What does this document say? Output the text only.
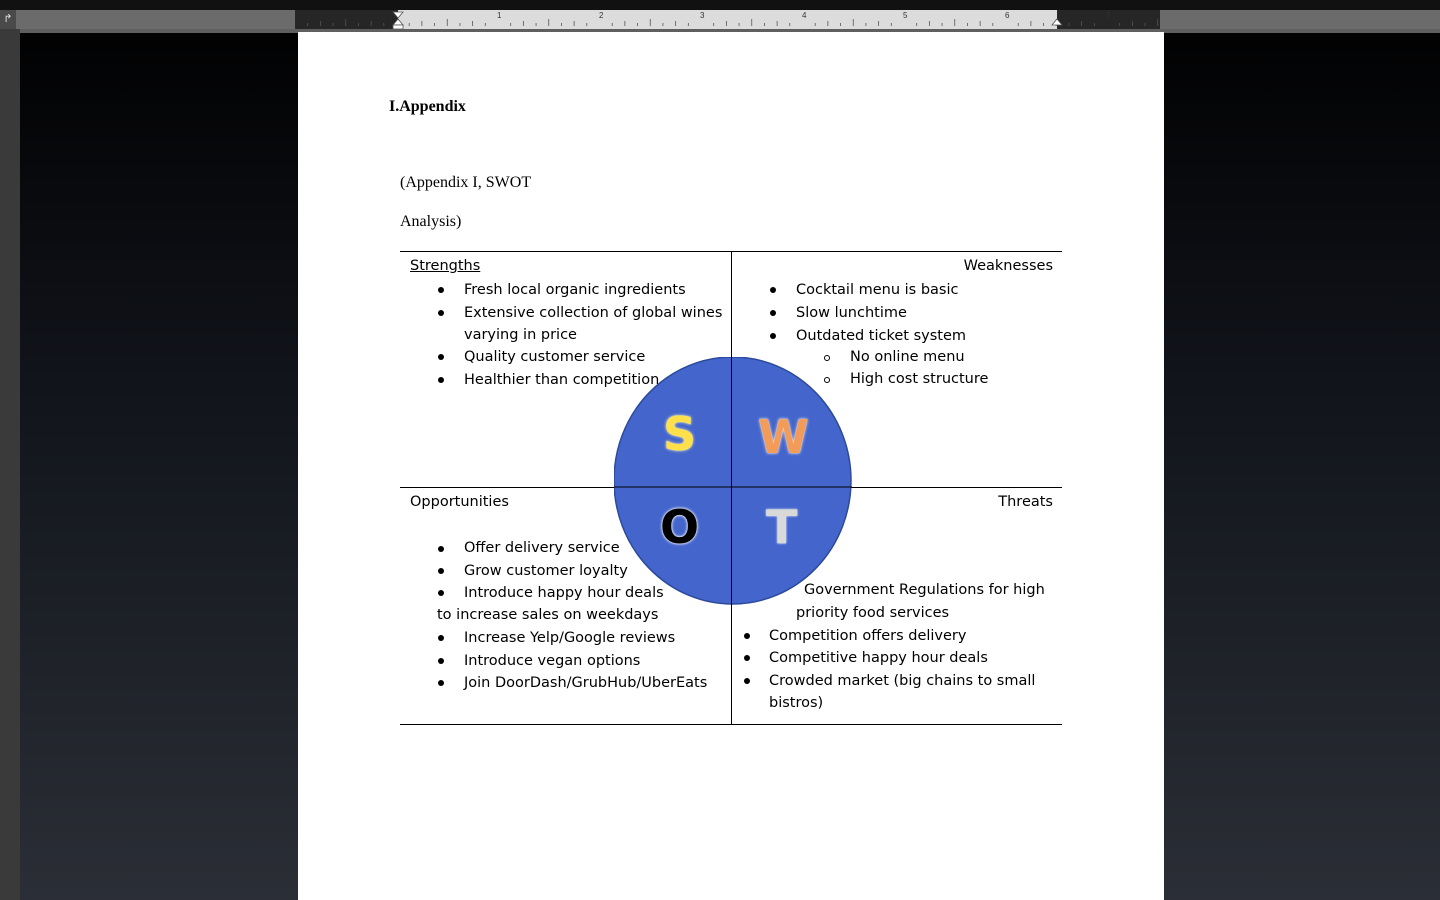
↱	1	2	3	4	5	6	7
I.Appendix

(Appendix I, SWOT

Analysis)

Strengths

Fresh local organic ingredients
Extensive collection of global wines
varying in price
Quality customer service
Healthier than competition

Weaknesses

Cocktail menu is basic
Slow lunchtime
Outdated ticket system
No online menu
High cost structure

Opportunities

Offer delivery service
Grow customer loyalty
Introduce happy hour deals
to increase sales on weekdays
Increase Yelp/Google reviews
Introduce vegan options
Join DoorDash/GrubHub/UberEats

Threats

Government Regulations for high
priority food services
Competition offers delivery
Competitive happy hour deals
Crowded market (big chains to small
bistros)
S W
O T
